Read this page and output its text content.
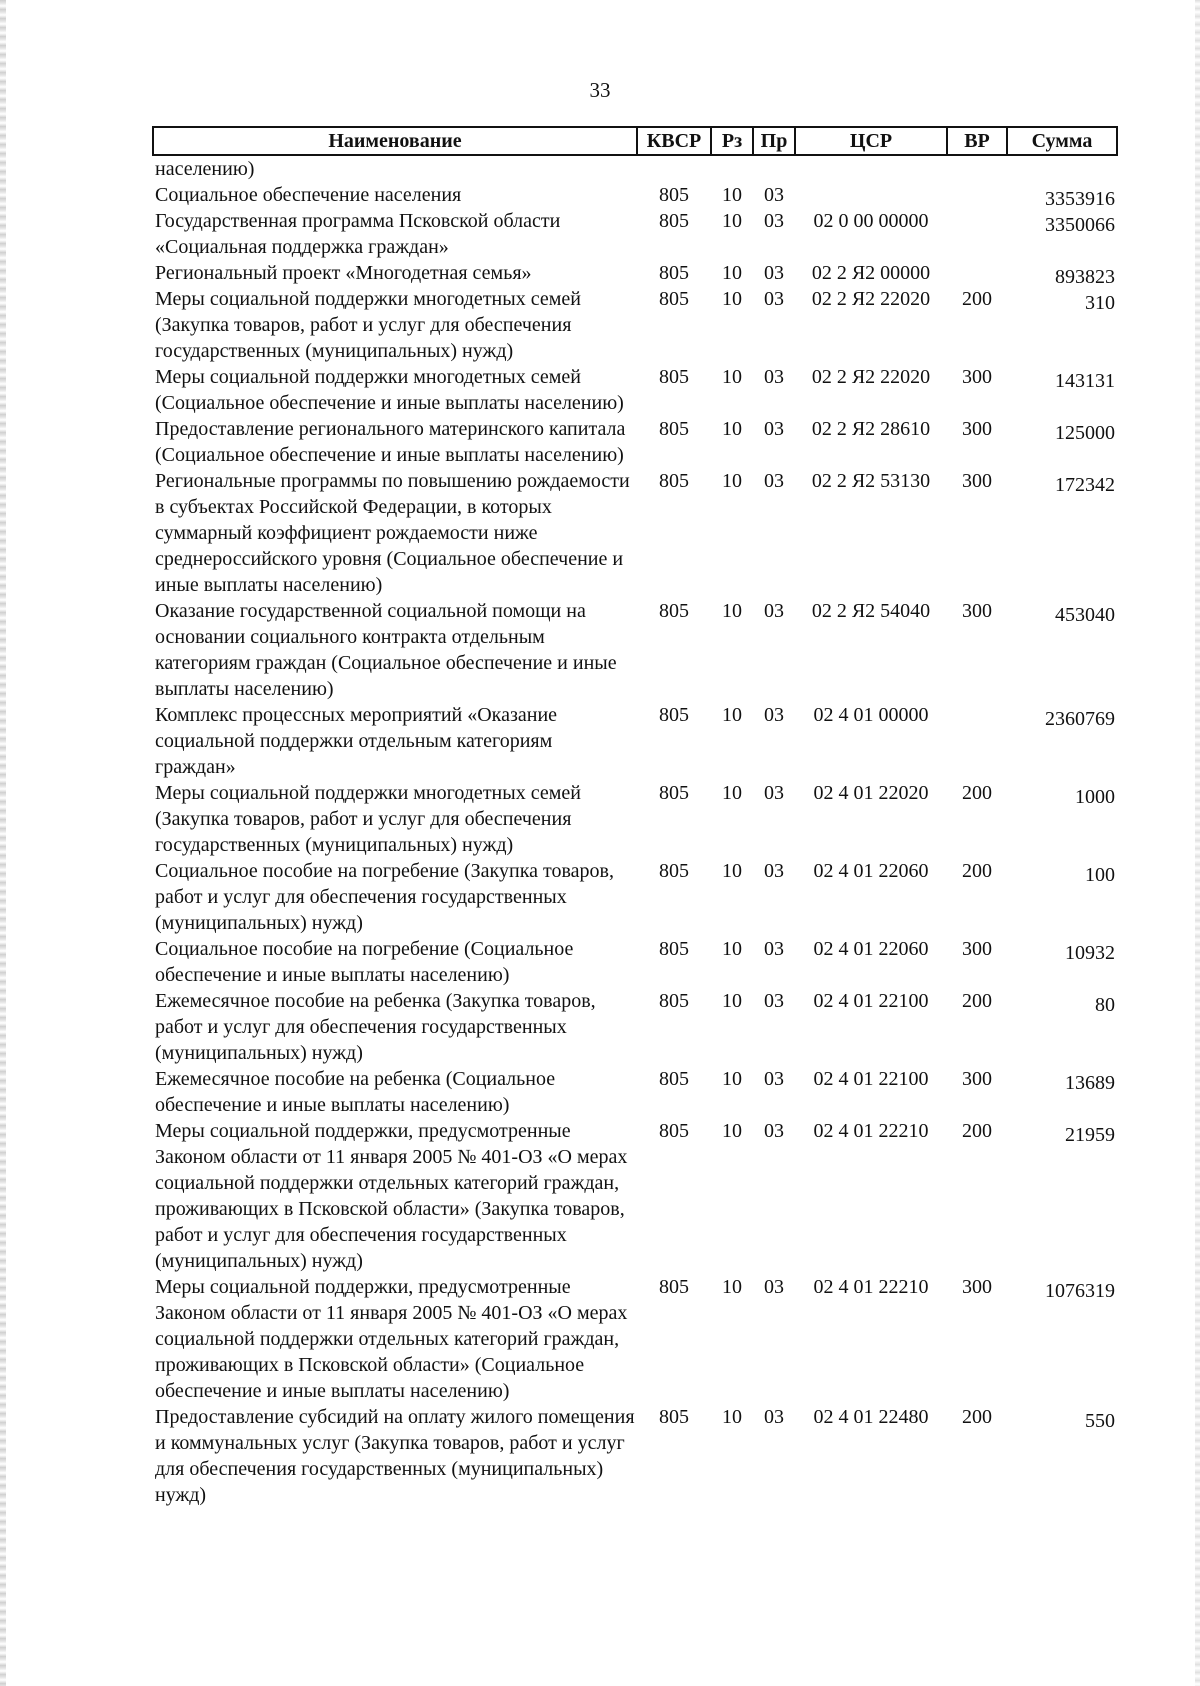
33
Наименование	КВСР	Рз	Пр	ЦСР	ВР	Сумма
населению)						
Социальное обеспечение населения	805	10	03			3353916
Государственная программа Псковской области «Социальная поддержка граждан»	805	10	03	02 0 00 00000		3350066
Региональный проект «Многодетная семья»	805	10	03	02 2 Я2 00000		893823
Меры социальной поддержки многодетных семей (Закупка товаров, работ и услуг для обеспечения государственных (муниципальных) нужд)	805	10	03	02 2 Я2 22020	200	310
Меры социальной поддержки многодетных семей (Социальное обеспечение и иные выплаты населению)	805	10	03	02 2 Я2 22020	300	143131
Предоставление регионального материнского капитала (Социальное обеспечение и иные выплаты населению)	805	10	03	02 2 Я2 28610	300	125000
Региональные программы по повышению рождаемости в субъектах Российской Федерации, в которых суммарный коэффициент рождаемости ниже среднероссийского уровня (Социальное обеспечение и иные выплаты населению)	805	10	03	02 2 Я2 53130	300	172342
Оказание государственной социальной помощи на основании социального контракта отдельным категориям граждан (Социальное обеспечение и иные выплаты населению)	805	10	03	02 2 Я2 54040	300	453040
Комплекс процессных мероприятий «Оказание социальной поддержки отдельным категориям граждан»	805	10	03	02 4 01 00000		2360769
Меры социальной поддержки многодетных семей (Закупка товаров, работ и услуг для обеспечения государственных (муниципальных) нужд)	805	10	03	02 4 01 22020	200	1000
Социальное пособие на погребение (Закупка товаров, работ и услуг для обеспечения государственных (муниципальных) нужд)	805	10	03	02 4 01 22060	200	100
Социальное пособие на погребение (Социальное обеспечение и иные выплаты населению)	805	10	03	02 4 01 22060	300	10932
Ежемесячное пособие на ребенка (Закупка товаров, работ и услуг для обеспечения государственных (муниципальных) нужд)	805	10	03	02 4 01 22100	200	80
Ежемесячное пособие на ребенка (Социальное обеспечение и иные выплаты населению)	805	10	03	02 4 01 22100	300	13689
Меры социальной поддержки, предусмотренные Законом области от 11 января 2005 № 401-ОЗ «О мерах социальной поддержки отдельных категорий граждан, проживающих в Псковской области» (Закупка товаров, работ и услуг для обеспечения государственных (муниципальных) нужд)	805	10	03	02 4 01 22210	200	21959
Меры социальной поддержки, предусмотренные Законом области от 11 января 2005 № 401-ОЗ «О мерах социальной поддержки отдельных категорий граждан, проживающих в Псковской области» (Социальное обеспечение и иные выплаты населению)	805	10	03	02 4 01 22210	300	1076319
Предоставление субсидий на оплату жилого помещения и коммунальных услуг (Закупка товаров, работ и услуг для обеспечения государственных (муниципальных) нужд)	805	10	03	02 4 01 22480	200	550
